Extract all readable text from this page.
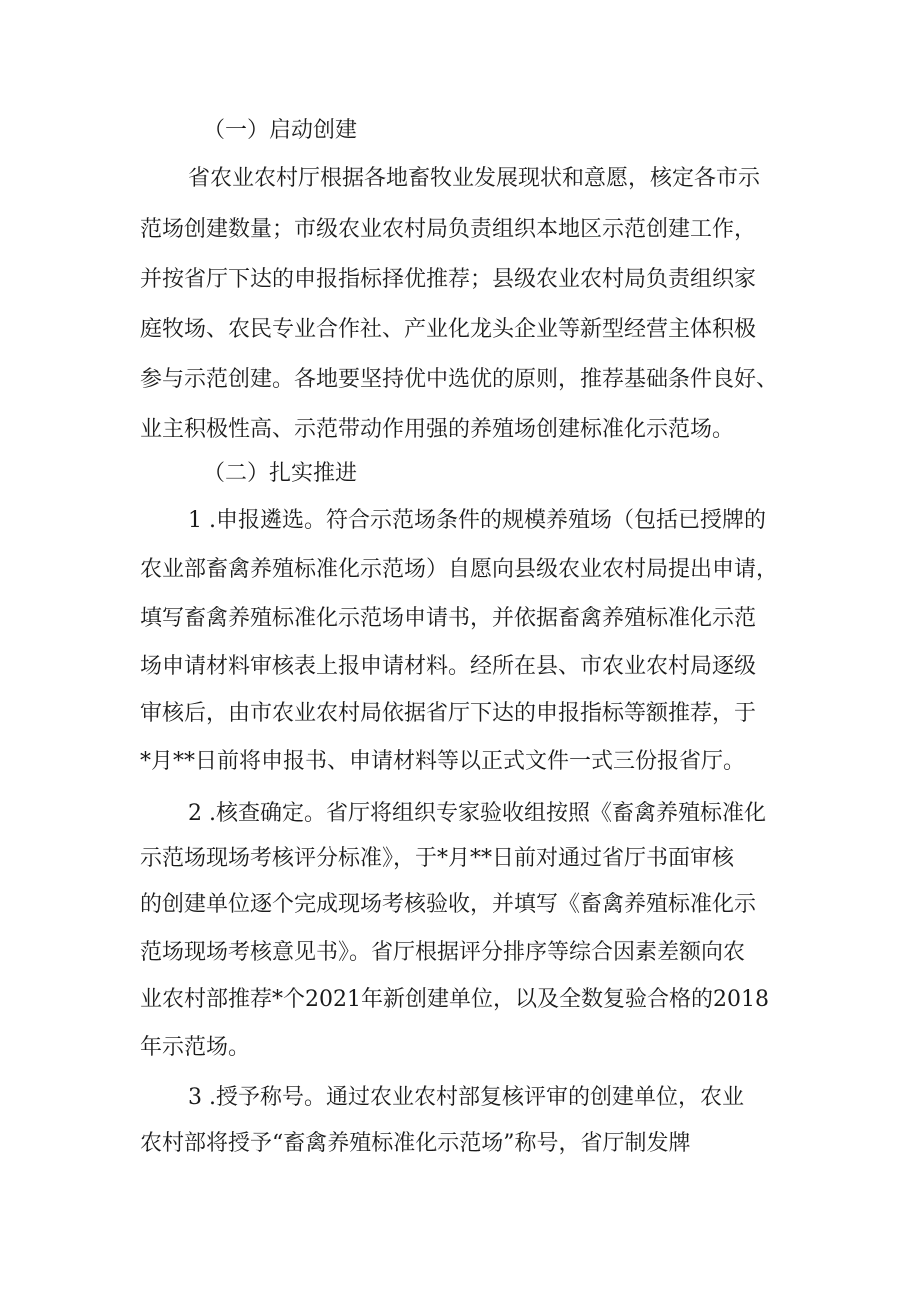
（一）启动创建
省农业农村厅根据各地畜牧业发展现状和意愿，核定各市示
范场创建数量；市级农业农村局负责组织本地区示范创建工作，
并按省厅下达的申报指标择优推荐；县级农业农村局负责组织家
庭牧场、农民专业合作社、产业化龙头企业等新型经营主体积极
参与示范创建。各地要坚持优中选优的原则，推荐基础条件良好、
业主积极性高、示范带动作用强的养殖场创建标准化示范场。
（二）扎实推进
1 .申报遴选。符合示范场条件的规模养殖场（包括已授牌的
农业部畜禽养殖标准化示范场）自愿向县级农业农村局提出申请，
填写畜禽养殖标准化示范场申请书，并依据畜禽养殖标准化示范
场申请材料审核表上报申请材料。经所在县、市农业农村局逐级
审核后，由市农业农村局依据省厅下达的申报指标等额推荐，于
*月**日前将申报书、申请材料等以正式文件一式三份报省厅。
2 .核查确定。省厅将组织专家验收组按照《畜禽养殖标准化
示范场现场考核评分标准》，于*月**日前对通过省厅书面审核
的创建单位逐个完成现场考核验收，并填写《畜禽养殖标准化示
范场现场考核意见书》。省厅根据评分排序等综合因素差额向农
业农村部推荐*个2021年新创建单位，以及全数复验合格的2018
年示范场。
3 .授予称号。通过农业农村部复核评审的创建单位，农业
农村部将授予“畜禽养殖标准化示范场”称号，省厅制发牌
